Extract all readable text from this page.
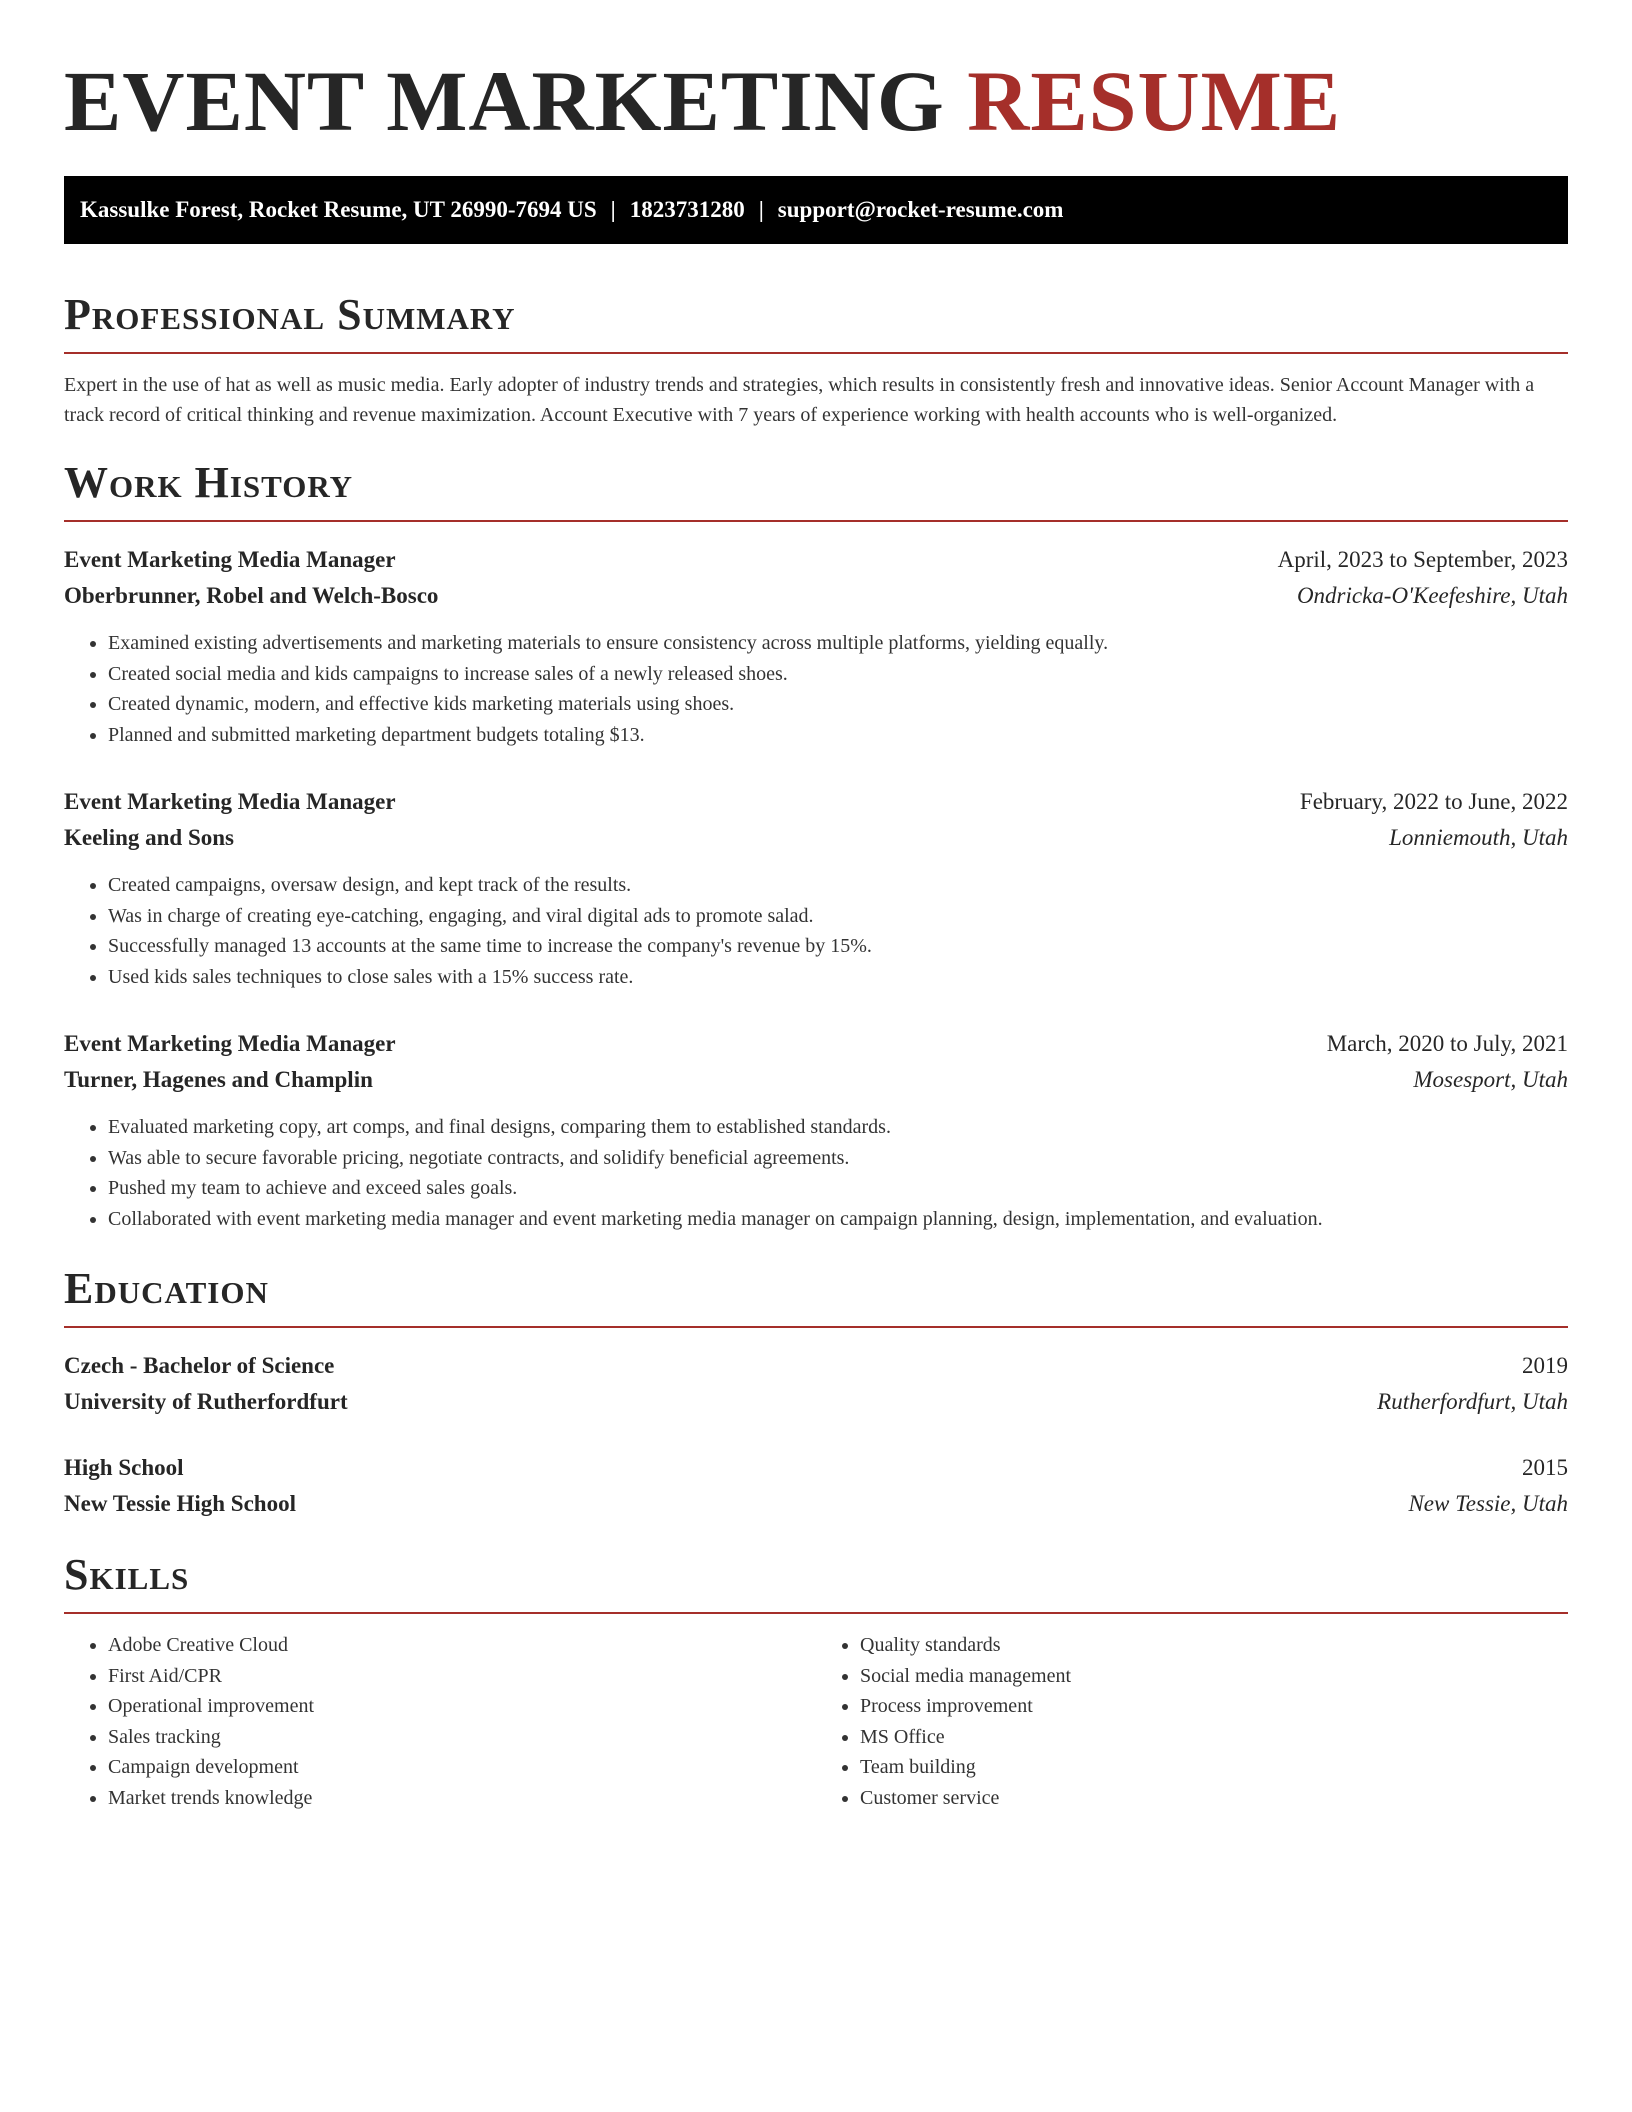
EVENT MARKETING RESUME
Kassulke Forest, Rocket Resume, UT 26990-7694 US | 1823731280 | support@rocket-resume.com
Professional Summary

Expert in the use of hat as well as music media. Early adopter of industry trends and strategies, which results in consistently fresh and innovative ideas. Senior Account Manager with a track record of critical thinking and revenue maximization. Account Executive with 7 years of experience working with health accounts who is well-organized.

Work History
Event Marketing Media Manager	April, 2023 to September, 2023
Oberbrunner, Robel and Welch-Bosco	Ondricka-O'Keefeshire, Utah
• Examined existing advertisements and marketing materials to ensure consistency across multiple platforms, yielding equally.
• Created social media and kids campaigns to increase sales of a newly released shoes.
• Created dynamic, modern, and effective kids marketing materials using shoes.
• Planned and submitted marketing department budgets totaling $13.
Event Marketing Media Manager	February, 2022 to June, 2022
Keeling and Sons	Lonniemouth, Utah
• Created campaigns, oversaw design, and kept track of the results.
• Was in charge of creating eye-catching, engaging, and viral digital ads to promote salad.
• Successfully managed 13 accounts at the same time to increase the company's revenue by 15%.
• Used kids sales techniques to close sales with a 15% success rate.
Event Marketing Media Manager	March, 2020 to July, 2021
Turner, Hagenes and Champlin	Mosesport, Utah
• Evaluated marketing copy, art comps, and final designs, comparing them to established standards.
• Was able to secure favorable pricing, negotiate contracts, and solidify beneficial agreements.
• Pushed my team to achieve and exceed sales goals.
• Collaborated with event marketing media manager and event marketing media manager on campaign planning, design, implementation, and evaluation.
Education
Czech - Bachelor of Science	2019
University of Rutherfordfurt	Rutherfordfurt, Utah
High School	2015
New Tessie High School	New Tessie, Utah
Skills
• Adobe Creative Cloud
• First Aid/CPR
• Operational improvement
• Sales tracking
• Campaign development
• Market trends knowledge
• Quality standards
• Social media management
• Process improvement
• MS Office
• Team building
• Customer service
